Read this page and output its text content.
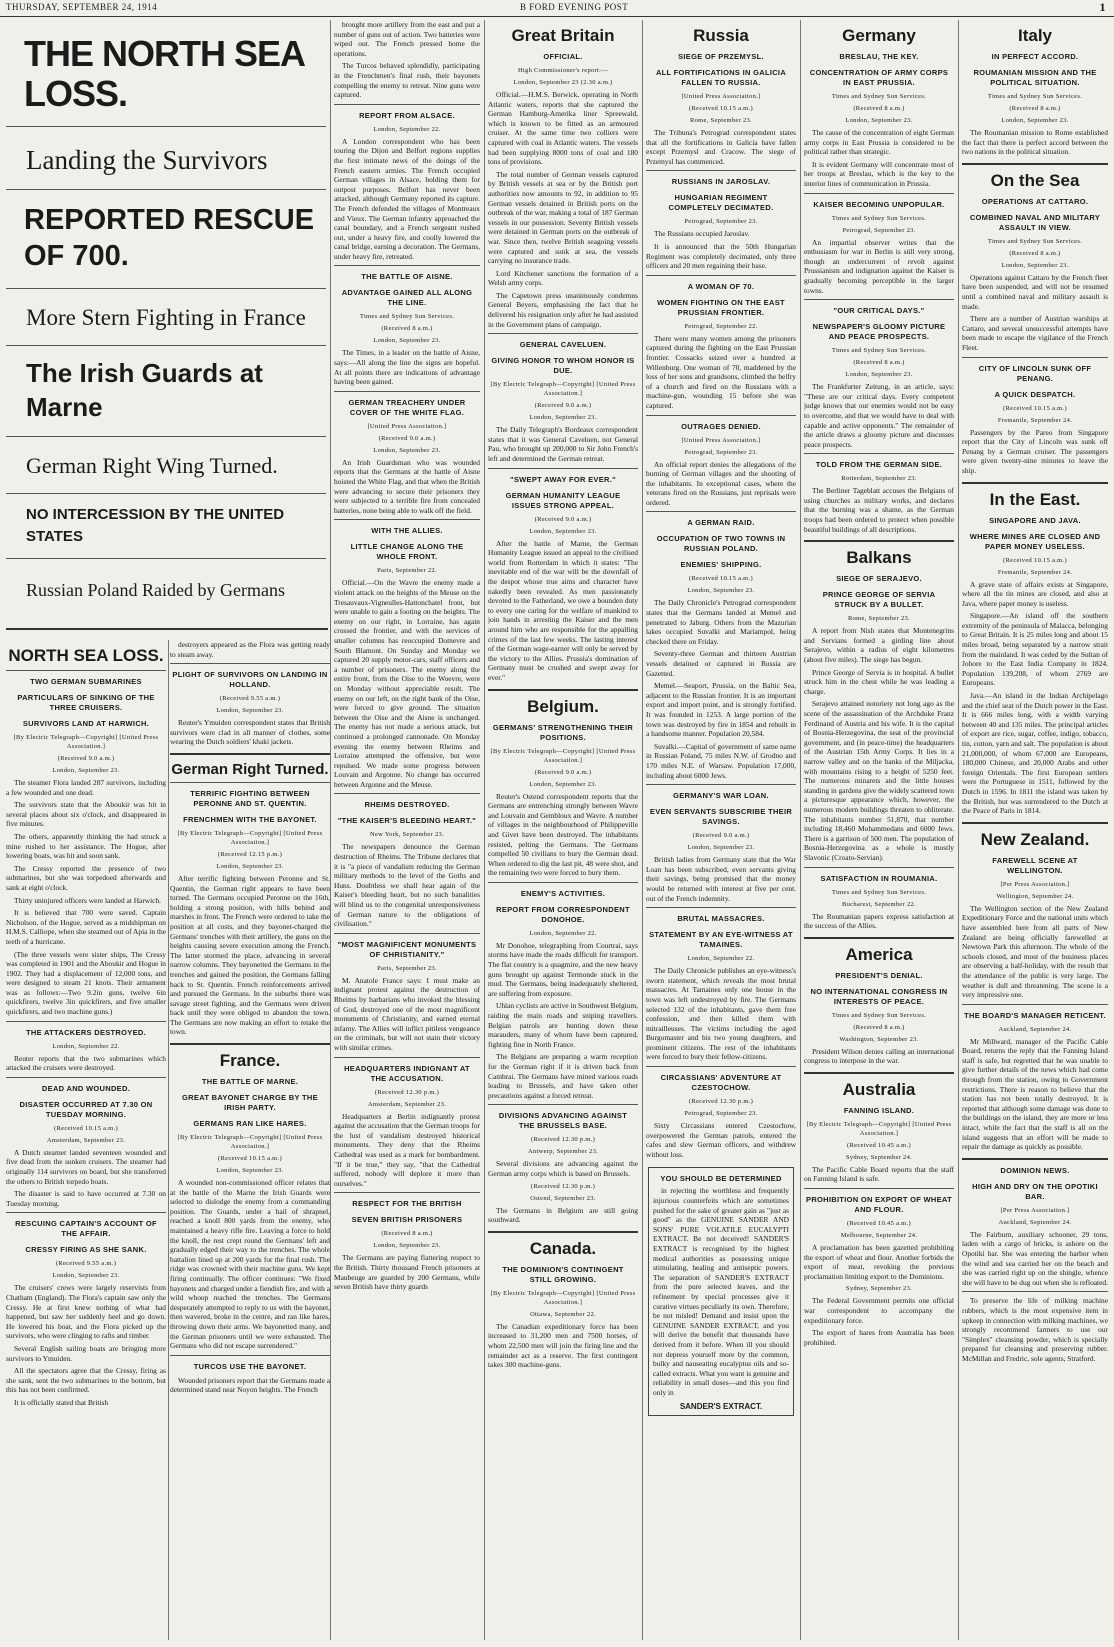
THURSDAY, SEPTEMBER 24, 1914	B FORD EVENING POST	1
THE NORTH SEA LOSS.
Landing the Survivors
REPORTED RESCUE OF 700.
More Stern Fighting in France
The Irish Guards at Marne
German Right Wing Turned.
NO INTERCESSION BY THE UNITED STATES
Russian Poland Raided by Germans
NORTH SEA LOSS.
TWO GERMAN SUBMARINES
PARTICULARS OF SINKING OF THE THREE CRUISERS.
SURVIVORS LAND AT HARWICH.
[By Electric Telegraph—Copyright] [United Press Association.]
(Received 9.0 a.m.)
London, September 23.

The steamer Flora landed 287 survivors, including a few wounded and one dead.

The survivors state that the Aboukir was hit in several places about six o'clock, and disappeared in five minutes.

The others, apparently thinking the had struck a mine rushed to her assistance. The Hogue, after lowering boats, was hit and soon sank.

The Cressy reported the presence of two submarines, but she was torpedoed afterwards and sank at eight o'clock.

Thirty uninjured officers were landed at Harwich.

It is believed that 700 were saved. Captain Nicholson, of the Hogue, served as a midshipman on H.M.S. Calliope, when she steamed out of Apia in the teeth of a hurricane.

(The three vessels were sister ships, The Cressy was completed in 1901 and the Aboukir and Hogue in 1902. They had a displacement of 12,000 tons, and were designed to steam 21 knots. Their armament was as follows:—Two 9.2in guns, twelve 6in quickfirers, twelve 3in quickfirers, and five smaller quickfirers, and two machine guns.)

THE ATTACKERS DESTROYED.
London, September 22.

Reuter reports that the two submarines which attacked the cruisers were destroyed.

DEAD AND WOUNDED.
DISASTER OCCURRED AT 7.30 ON TUESDAY MORNING.
(Received 10.15 a.m.)
Amsterdam, September 23.

A Dutch steamer landed seventeen wounded and five dead from the sunken cruisers. The steamer had originally 114 survivors on board, but she transferred the others to British torpedo boats.

The disaster is said to have occurred at 7.30 on Tuesday morning.

RESCUING CAPTAIN'S ACCOUNT OF THE AFFAIR.
CRESSY FIRING AS SHE SANK.
(Received 9.55 a.m.)
London, September 23.

The cruisers' crews were largely reservists from Chatham (England). The Flora's captain saw only the Cressy. He at first knew nothing of what had happened, but saw her suddenly heel and go down. He lowered his boat, and the Flora picked up the survivors, who were clinging to rafts and timber.

Several English sailing boats are bringing more survivors to Ymuiden.

All the spectators agree that the Cressy, firing as she sank, sent the two submarines to the bottom, but this has not been confirmed.

It is officially stated that British

destroyers appeared as the Flora was getting ready to steam away.

PLIGHT OF SURVIVORS ON LANDING IN HOLLAND.
(Received 9.55 a.m.)
London, September 23.

Reuter's Ymuiden correspondent states that British survivors were clad in all manner of clothes, some wearing the Dutch soldiers' khaki jackets.

German Right Turned.
TERRIFIC FIGHTING BETWEEN PERONNE AND ST. QUENTIN.
FRENCHMEN WITH THE BAYONET.
[By Electric Telegraph—Copyright] [United Press Association.]
(Received 12.15 p.m.)
London, September 23.

After terrific fighting between Peronne and St. Quentin, the German right appears to have been turned. The Germans occupied Peronne on the 16th, holding a strong position, with hills behind and marshes in front. The French were ordered to take the position at all costs, and they bayonet-charged the Germans' trenches with their artillery, the guns on the heights causing severe execution among the French. The latter stormed the place, advancing in several narrow columns. They bayonetted the Germans in the trenches and gained the position, the Germans falling back to St. Quentin. French reinforcements arrived and pursued the Germans. In the suburbs there was savage street fighting, and the Germans were driven back until they were obliged to abandon the town. The Germans are now making an effort to retake the town.

France.
THE BATTLE OF MARNE.
GREAT BAYONET CHARGE BY THE IRISH PARTY.
GERMANS RAN LIKE HARES.
[By Electric Telegraph—Copyright] [United Press Association.]
(Received 10.15 a.m.)
London, September 23.

A wounded non-commissioned officer relates that at the battle of the Marne the Irish Guards were selected to dislodge the enemy from a commanding position. The Guards, under a hail of shrapnel, reached a knoll 800 yards from the enemy, who maintained a heavy rifle fire. Leaving a force to hold the knoll, the rest crept round the Germans' left and gradually edged their way to the trenches. The whole battalion lined up at 200 yards for the final rush. The ridge was crowned with their machine guns. We kept firing continually. The officer continues: "We fixed bayonets and charged under a fiendish fire, and with a wild whoop reached the trenches. The Germans desperately attempted to reply to us with the bayonet, then wavered, broke in the centre, and ran like hares, throwing down their arms. We bayonetted many, and the German prisoners until we were exhausted. The Germans who did not escape surrendered."

TURCOS USE THE BAYONET.

Wounded prisoners report that the Germans made a determined stand near Noyon heights. The French

brought more artillery from the east and put a number of guns out of action. Two batteries were wiped out. The French pressed home the operations.

The Turcos behaved splendidly, participating in the Frenchmen's final rush, their bayonets compelling the enemy to retreat. Nine guns were captured.

REPORT FROM ALSACE.
London, September 22.

A London correspondent who has been touring the Dijon and Belfort regions supplies the first intimate news of the doings of the French eastern armies. The French occupied German villages in Alsace, holding them for outpost purposes. Belfort has never been attacked, although Germany reported its capture. The French defended the villages of Montreaux and Vieux. The German infantry approached the canal boundary, and a French sergeant rushed out, under a heavy fire, and coolly lowered the canal bridge, earning a decoration. The Germans, under heavy fire, retreated.

THE BATTLE OF AISNE.
ADVANTAGE GAINED ALL ALONG THE LINE.
Times and Sydney Sun Services.
(Received 8 a.m.)
London, September 23.

The Times, in a leader on the battle of Aisne, says:—All along the line the signs are hopeful. At all points there are indications of advantage having been gained.

GERMAN TREACHERY UNDER COVER OF THE WHITE FLAG.
[United Press Association.]
(Received 9.0 a.m.)
London, September 23.

An Irish Guardsman who was wounded reports that the Germans at the battle of Aisne hoisted the White Flag, and that when the British were advancing to secure their prisoners they were subjected to a terrible fire from concealed batteries, none being able to walk off the field.

WITH THE ALLIES.
LITTLE CHANGE ALONG THE WHOLE FRONT.
Paris, September 22.

Official.—On the Wavre the enemy made a violent attack on the heights of the Meuse on the Tresauvaux-Vigneulles-Hattonchatel front, but were unable to gain a footing on the heights. The enemy on our right, in Lorraine, has again crossed the frontier, and with the services of smaller columns has reoccupied Domevre and South Blamont. On Sunday and Monday we captured 20 supply motor-cars, staff officers and a number of prisoners. The enemy along the entire front, from the Oise to the Woevre, were on Monday without appreciable result. The enemy on our left, on the right bank of the Oise, were forced to give ground. The situation between the Oise and the Aisne is unchanged. The enemy has not made a serious attack, but continued a prolonged cannonade. On Monday evening the enemy between Rheims and Lorraine attempted the offensive, but were repulsed. We made some progress between Louvain and Argonne. No change has occurred between Argonne and the Meuse.

RHEIMS DESTROYED.
"THE KAISER'S BLEEDING HEART."
New York, September 23.

The newspapers denounce the German destruction of Rheims. The Tribune declares that it is "a piece of vandalism reducing the German military methods to the level of the Goths and Huns. Doubtless we shall hear again of the Kaiser's bleeding heart, but no such banalities will blind us to the congenital unresponsiveness of German nature to the obligations of civilisation."

"MOST MAGNIFICENT MONUMENTS OF CHRISTIANITY."
Paris, September 23.

M. Anatole France says: I must make an indignant protest against the destruction of Rheims by barbarians who invoked the blessing of God, destroyed one of the most magnificent monuments of Christianity, and earned eternal infamy. The Allies will inflict pitiless vengeance on the criminals, but will not stain their victory with similar crimes.

HEADQUARTERS INDIGNANT AT THE ACCUSATION.
(Received 12.30 p.m.)
Amsterdam, September 23.

Headquarters at Berlin indignantly protest against the accusation that the German troops for the lust of vandalism destroyed historical monuments. They deny that the Rheims Cathedral was used as a mark for bombardment. "If it be true," they say, "that the Cathedral suffered, nobody will deplore it more than ourselves."

RESPECT FOR THE BRITISH
SEVEN BRITISH PRISONERS
(Received 8 a.m.)
London, September 23.

The Germans are paying flattering respect to the British. Thirty thousand French prisoners at Maubeuge are guarded by 200 Germans, while seven British have thirty guards

Great Britain
OFFICIAL.
High Commissioner's report:—
London, September 23 (2.30 a.m.)

Official.—H.M.S. Berwick, operating in North Atlantic waters, reports that she captured the German Hamburg-Amerika liner Spreewald, which is known to be fitted as an armoured cruiser. At the same time two colliers were captured with coal in Atlantic waters. The vessels had been supplying 8000 tons of coal and 180 tons of provisions.

The total number of German vessels captured by British vessels at sea or by the British port authorities now amounts to 92, in addition to 95 German vessels detained in British ports on the outbreak of the war, making a total of 187 German vessels in our possession. Seventy British vessels were detained in German ports on the outbreak of war. Since then, twelve British seagoing vessels were captured and sunk at sea, the vessels carrying no insurance trade.

Lord Kitchener sanctions the formation of a Welsh army corps.

The Capetown press unanimously condemns General Beyers, emphasising the fact that he delivered his resignation only after he had assisted in the Government plans of campaign.

GENERAL CAVELUEN.
GIVING HONOR TO WHOM HONOR IS DUE.
[By Electric Telegraph—Copyright] [United Press Association.]
(Received 9.0 a.m.)
London, September 23.

The Daily Telegraph's Bordeaux correspondent states that it was General Caveluen, not General Pau, who brought up 200,000 to Sir John French's left and determined the German retreat.

"SWEPT AWAY FOR EVER."
GERMAN HUMANITY LEAGUE ISSUES STRONG APPEAL.
(Received 9.0 a.m.)
London, September 23.

After the battle of Marne, the German Humanity League issued an appeal to the civilised world from Rotterdam in which it states: "The inevitable end of the war will be the downfall of the despot whose true aims and character have nakedly been revealed. As men passionately devoted to the Fatherland, we owe a bounden duty to every one caring for the welfare of mankind to join hands in arresting the Kaiser and the men around him who are responsible for the appalling crimes of the last few weeks. The lasting interest of the German wage-earner will only be served by the victory to the Allies. Prussia's domination of Germany must be crushed and swept away for ever."

Belgium.
GERMANS' STRENGTHENING THEIR POSITIONS.
[By Electric Telegraph—Copyright] [United Press Association.]
(Received 9.0 a.m.)
London, September 23.

Reuter's Ostend correspondent reports that the Germans are entrenching strongly between Wavre and Louvain and Gembloux and Wavre. A number of villages in the neighbourhood of Philippeville and Givet have been destroyed. The inhabitants resisted, pelting the Germans. The Germans compelled 50 civilians to bury the German dead. When ordered to dig the last pit, 48 were shot, and the remaining two were forced to bury them.

ENEMY'S ACTIVITIES.
REPORT FROM CORRESPONDENT DONOHOE.
London, September 22.

Mr Donohoe, telegraphing from Courtrai, says storms have made the roads difficult for transport. The flat country is a quagmire, and the new heavy guns brought up against Termonde stuck in the mud. The Germans, being inadequately sheltered, are suffering from exposure.

Uhlan cyclists are active in Southwest Belgium, raiding the main roads and sniping travellers. Belgian patrols are hunting down these marauders, many of whom have been captured, fighting fine in North France.

The Belgians are preparing a warm reception for the German right if it is driven back from Cambrai. The Germans have mined various roads leading to Brussels, and have taken other precautions against a forced retreat.

DIVISIONS ADVANCING AGAINST THE BRUSSELS BASE.
(Received 12.30 p.m.)
Antwerp, September 23.

Several divisions are advancing against the German army corps which is based on Brussels.

(Received 12.30 p.m.)
Ostend, September 23.

The Germans in Belgium are still going southward.

Canada.
THE DOMINION'S CONTINGENT STILL GROWING.
[By Electric Telegraph—Copyright] [United Press Association.]
Ottawa, September 22.

The Canadian expeditionary force has been increased to 31,200 men and 7500 horses, of whom 22,500 men will join the firing line and the remainder act as a reserve. The first contingent takes 300 machine-guns.

Russia
SIEGE OF PRZEMYSL.
ALL FORTIFICATIONS IN GALICIA FALLEN TO RUSSIA.
[United Press Association.]
(Received 10.15 a.m.)
Rome, September 23.

The Tribuna's Petrograd correspondent states that all the fortifications in Galicia have fallen except Przemysl and Cracow. The siege of Przemysl has commenced.

RUSSIANS IN JAROSLAV.
HUNGARIAN REGIMENT COMPLETELY DECIMATED.
Petrograd, September 23.

The Russians occupied Jaroslav.

It is announced that the 50th Hungarian Regiment was completely decimated, only three officers and 20 men regaining their base.

A WOMAN OF 70.
WOMEN FIGHTING ON THE EAST PRUSSIAN FRONTIER.
Petrograd, September 22.

There were many women among the prisoners captured during the fighting on the East Prussian frontier. Cossacks seized over a hundred at Willenburg. One woman of 70, maddened by the loss of her sons and grandsons, climbed the belfry of a church and fired on the Russians with a machine-gun, wounding 15 before she was captured.

OUTRAGES DENIED.
[United Press Association.]
Petrograd, September 23.

An official report denies the allegations of the burning of German villages and the shooting of the inhabitants. In exceptional cases, where the veterans fired on the Russians, just reprisals were ordered.

A GERMAN RAID.
OCCUPATION OF TWO TOWNS IN RUSSIAN POLAND.
ENEMIES' SHIPPING.
(Received 10.15 a.m.)
London, September 23.

The Daily Chronicle's Petrograd correspondent states that the Germans landed at Memel and penetrated to Jaburg. Others from the Mazurian lakes occupied Suvalki and Mariampol, being checked there on Friday.

Seventy-three German and thirteen Austrian vessels detained or captured in Russia are Gazetted.

Memel.—Seaport, Prussia, on the Baltic Sea, adjacent to the Russian frontier. It is an important export and import point, and is strongly fortified. It was founded in 1253. A large portion of the town was destroyed by fire in 1854 and rebuilt in a handsome manner. Population 20,584.

Suvalki.—Capital of government of same name in Russian Poland, 75 miles N.W. of Grodno and 170 miles N.E. of Warsaw. Population 17,000, including about 6000 Jews.

GERMANY'S WAR LOAN.
EVEN SERVANTS SUBSCRIBE THEIR SAVINGS.
(Received 9.0 a.m.)
London, September 23.

British ladies from Germany state that the War Loan has been subscribed, even servants giving their savings, being promised that the money would be returned with interest at five per cent. out of the French indemnity.

BRUTAL MASSACRES.
STATEMENT BY AN EYE-WITNESS AT TAMAINES.
London, September 22.

The Daily Chronicle publishes an eye-witness's sworn statement, which reveals the most brutal massacres. At Tamaines only one house in the town was left undestroyed by fire. The Germans selected 132 of the inhabitants, gave them free confession, and then killed them with mitrailleuses. The victims including the aged Burgomaster and his two young daughters, and prominent citizens. The rest of the inhabitants were forced to bury their fellow-citizens.

CIRCASSIANS' ADVENTURE AT CZESTOCHOW.
(Received 12.30 p.m.)
Petrograd, September 23.

Sixty Circassians entered Czestochow, overpowered the German patrols, entered the cafes and slew German officers, and withdrew without loss.

YOU SHOULD BE DETERMINED

in rejecting the worthless and frequently injurious counterfeits which are sometimes pushed for the sake of greater gain as "just as good" as the GENUINE SANDER AND SONS' PURE VOLATILE EUCALYPTI EXTRACT. Be not deceived! SANDER'S EXTRACT is recognised by the highest medical authorities as possessing unique stimulating, healing and antiseptic powers. The separation of SANDER'S EXTRACT from the pure selected leaves, and the refinement by special processes give it curative virtues peculiarly its own. Therefore, be not misled! Demand and insist upon the GENUINE SANDER EXTRACT, and you will derive the benefit that thousands have derived from it before. When ill you should not depress yourself more by the common, bulky and nauseating eucalyptus oils and so-called extracts. What you want is genuine and reliability in small doses—and this you find only in

SANDER'S EXTRACT.
Germany
BRESLAU, THE KEY.
CONCENTRATION OF ARMY CORPS IN EAST PRUSSIA.
Times and Sydney Sun Services.
(Received 8 a.m.)
London, September 23.

The cause of the concentration of eight German army corps in East Prussia is considered to be political rather than strategic.

It is evident Germany will concentrate most of her troops at Breslau, which is the key to the interior lines of communication in Prussia.

KAISER BECOMING UNPOPULAR.
Times and Sydney Sun Services.
Petrograd, September 23.

An impartial observer writes that the enthusiasm for war in Berlin is still very strong, though an undercurrent of revolt against Prussianism and indignation against the Kaiser is gradually becoming perceptible in the larger towns.

"OUR CRITICAL DAYS."
NEWSPAPER'S GLOOMY PICTURE AND PEACE PROSPECTS.
Times and Sydney Sun Services.
(Received 8 a.m.)
London, September 23.

The Frankfurter Zeitung, in an article, says: "These are our critical days. Every competent judge knows that our enemies would not be easy to overcome, and that we would have to deal with capable and active opponents." The remainder of the article draws a gloomy picture and discusses peace prospects.

TOLD FROM THE GERMAN SIDE.
Rotterdam, September 23.

The Berliner Tageblatt accuses the Belgians of using churches as military works, and declares that the burning was a shame, as the German troops had been ordered to protect when possible beautiful buildings of all descriptions.

Balkans
SIEGE OF SERAJEVO.
PRINCE GEORGE OF SERVIA STRUCK BY A BULLET.
Rome, September 23.

A report from Nish states that Montenegrins and Servians formed a girding line about Serajevo, within a radius of eight kilometres (about five miles). The siege has begun.

Prince George of Servia is in hospital. A bullet struck him in the chest while he was leading a charge.

Serajevo attained notoriety not long ago as the scene of the assassination of the Archduke Franz Ferdinand of Austria and his wife. It is the capital of Bosnia-Herzegovina, the seat of the provincial government, and (in peace-time) the headquarters of the Austrian 15th Army Corps. It lies in a narrow valley and on the banks of the Miljacka, with mountains rising to a height of 5250 feet. The numerous minarets and the little houses standing in gardens give the widely scattered town a picturesque appearance which, however, the numerous modern buildings threaten to obliterate. The inhabitants number 51,870, that number including 18,460 Mohammedans and 6000 Jews. There is a garrison of 500 men. The population of Bosnia-Herzegovina as a whole is mostly Slavonic (Croato-Servian).

SATISFACTION IN ROUMANIA.
Times and Sydney Sun Services.
Bucharest, September 22.

The Roumanian papers express satisfaction at the success of the Allies.

America
PRESIDENT'S DENIAL.
NO INTERNATIONAL CONGRESS IN INTERESTS OF PEACE.
Times and Sydney Sun Services.
(Received 8 a.m.)
Washington, September 23.

President Wilson denies calling an international congress to interpose in the war.

Australia
FANNING ISLAND.
[By Electric Telegraph—Copyright] [United Press Association.]
(Received 10.45 a.m.)
Sydney, September 24.

The Pacific Cable Board reports that the staff on Fanning Island is safe.

PROHIBITION ON EXPORT OF WHEAT AND FLOUR.
(Received 10.45 a.m.)
Melbourne, September 24.

A proclamation has been gazetted prohibiting the export of wheat and flour. Another forbids the export of meat, revoking the previous proclamation limiting export to the Dominions.

Sydney, September 23.

The Federal Government permits one official war correspondent to accompany the expeditionary force.

The export of hares from Australia has been prohibited.

Italy
IN PERFECT ACCORD.
ROUMANIAN MISSION AND THE POLITICAL SITUATION.
Times and Sydney Sun Services.
(Received 8 a.m.)
London, September 23.

The Roumanian mission to Rome established the fact that there is perfect accord between the two nations in the political situation.

On the Sea
OPERATIONS AT CATTARO.
COMBINED NAVAL AND MILITARY ASSAULT IN VIEW.
Times and Sydney Sun Services.
(Received 8 a.m.)
London, September 23.

Operations against Cattaro by the French fleet have been suspended, and will not be resumed until a combined naval and military assault is made.

There are a number of Austrian warships at Cattaro, and several unsuccessful attempts have been made to escape the vigilance of the French Fleet.

CITY OF LINCOLN SUNK OFF PENANG.
A QUICK DESPATCH.
(Received 10.15 a.m.)
Fremantle, September 24.

Passengers by the Pareo from Singapore report that the City of Lincoln was sunk off Penang by a German cruiser. The passengers were given twenty-nine minutes to leave the ship.

In the East.
SINGAPORE AND JAVA.
WHERE MINES ARE CLOSED AND PAPER MONEY USELESS.
(Received 10.15 a.m.)
Fremantle, September 24.

A grave state of affairs exists at Singapore, where all the tin mines are closed, and also at Java, where paper money is useless.

Singapore.—An island off the southern extremity of the peninsula of Malacca, belonging to Great Britain. It is 25 miles long and about 15 miles broad, being separated by a narrow strait from the mainland. It was ceded by the Sultan of Johore to the East India Company in 1824. Population 139,208, of whom 2769 are Europeans.

Java.—An island in the Indian Archipelago and the chief seat of the Dutch power in the East. It is 666 miles long, with a width varying between 40 and 135 miles. The principal articles of export are rice, sugar, coffee, indigo, tobacco, tin, cotton, yarn and salt. The population is about 21,000,000, of whom 67,000 are Europeans, 180,000 Chinese, and 20,000 Arabs and other foreign Orientals. The first European settlers were the Portuguese in 1511, followed by the Dutch in 1596. In 1811 the island was taken by the British, but was surrendered to the Dutch at the Peace of Paris in 1814.

New Zealand.
FAREWELL SCENE AT WELLINGTON.
[Per Press Association.]
Wellington, September 24.

The Wellington section of the New Zealand Expeditionary Force and the national units which have assembled here from all parts of New Zealand are being officially farewelled at Newtown Park this afternoon. The whole of the schools closed, and most of the business places are observing a half-holiday, with the result that the attendance of the public is very large. The weather is dull and threatening. The scene is a very impressive one.

THE BOARD'S MANAGER RETICENT.
Auckland, September 24.

Mr Millward, manager of the Pacific Cable Board, returns the reply that the Fanning Island staff is safe, but regretted that he was unable to give further details of the news which had come through from the station, owing to Government restrictions. There is reason to believe that the station has not been totally destroyed. It is reported that although some damage was done to the buildings on the island, they are more or less intact, while the fact that the staff is all on the island suggests that an effort will be made to repair the damage as quickly as possible.

DOMINION NEWS.
HIGH AND DRY ON THE OPOTIKI BAR.
[Per Press Association.]
Auckland, September 24.

The Fairburn, auxiliary schooner, 29 tons, laden with a cargo of bricks, is ashore on the Opotiki bar. She was entering the harbor when the wind and sea carried her on the beach and she was carried right up on the shingle, whence she will have to be dug out when she is refloated.

To preserve the life of milking machine rubbers, which is the most expensive item in upkeep in connection with milking machines, we strongly recommend farmers to use our "Simplex" cleansing powder, which is specially prepared for cleansing and preserving rubber. McMillan and Fredric, sole agents, Stratford.
